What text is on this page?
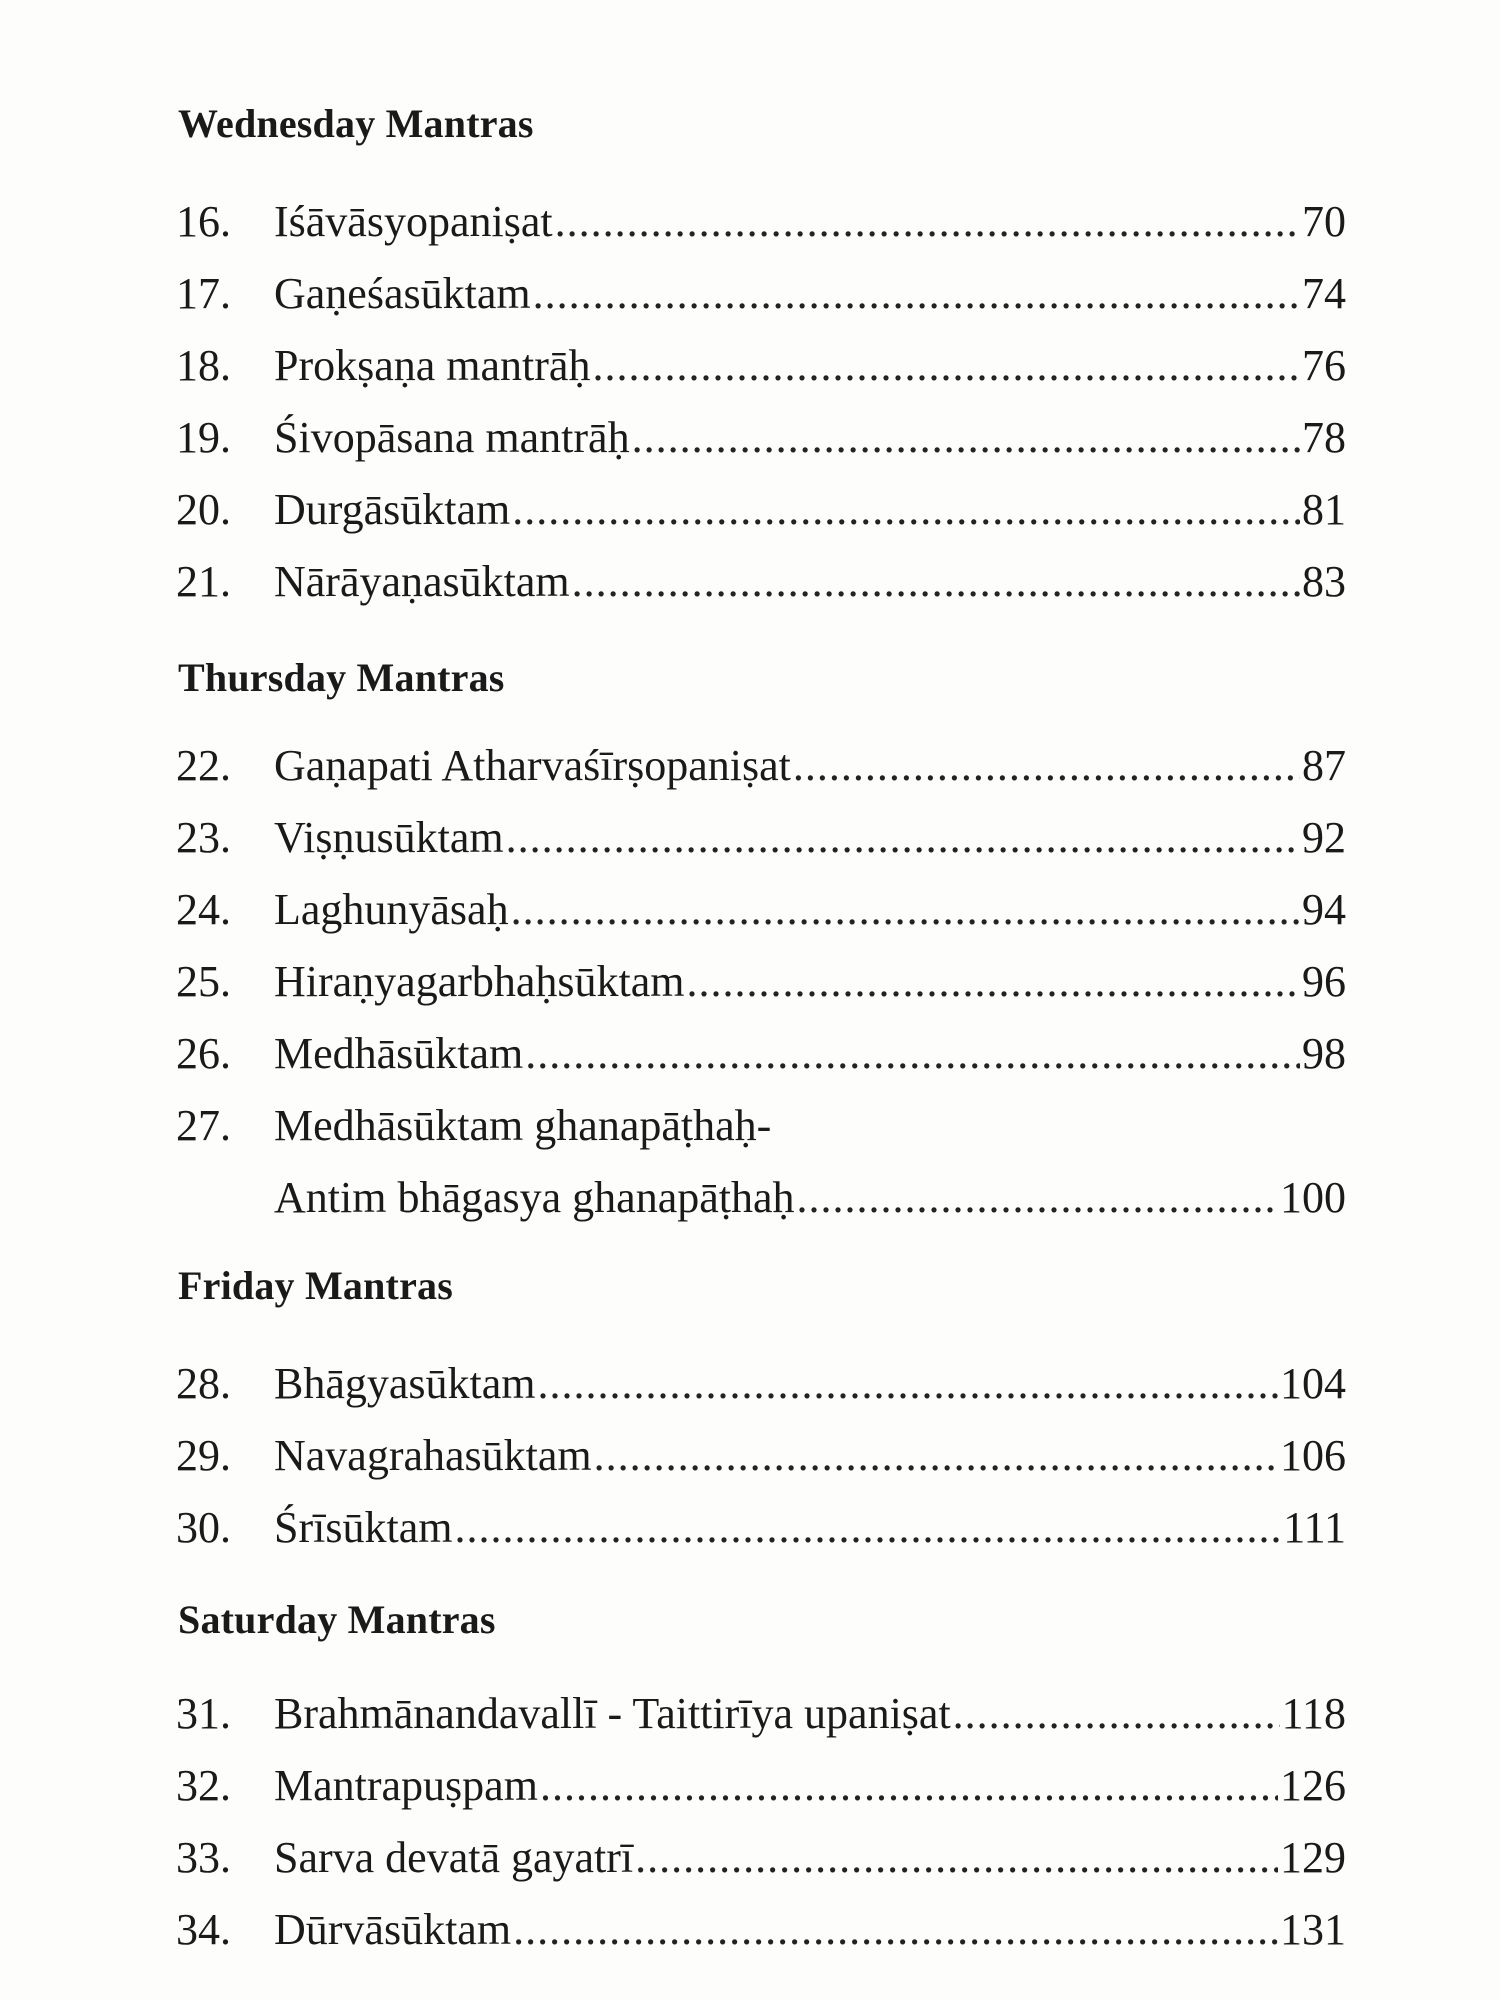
Wednesday Mantras
16. Iśāvāsyopaniṣat .....	70
17. Gaṇeśasūktam .....	74
18. Prokṣaṇa mantrāḥ .....	76
19. Śivopāsana mantrāḥ .....	78
20. Durgāsūktam .....	81
21. Nārāyaṇasūktam .....	83
Thursday Mantras
22. Gaṇapati Atharvaśīrṣopaniṣat .....	87
23. Viṣṇusūktam .....	92
24. Laghunyāsaḥ .....	94
25. Hiraṇyagarbhaḥsūktam .....	96
26. Medhāsūktam .....	98
27. Medhāsūktam ghanapāṭhaḥ-
Antim bhāgasya ghanapāṭhaḥ .....	100
Friday Mantras
28. Bhāgyasūktam .....	104
29. Navagrahasūktam .....	106
30. Śrīsūktam .....	111
Saturday Mantras
31. Brahmānandavallī - Taittirīya upaniṣat .....	118
32. Mantrapuṣpam .....	126
33. Sarva devatā gayatrī .....	129
34. Dūrvāsūktam .....	131
